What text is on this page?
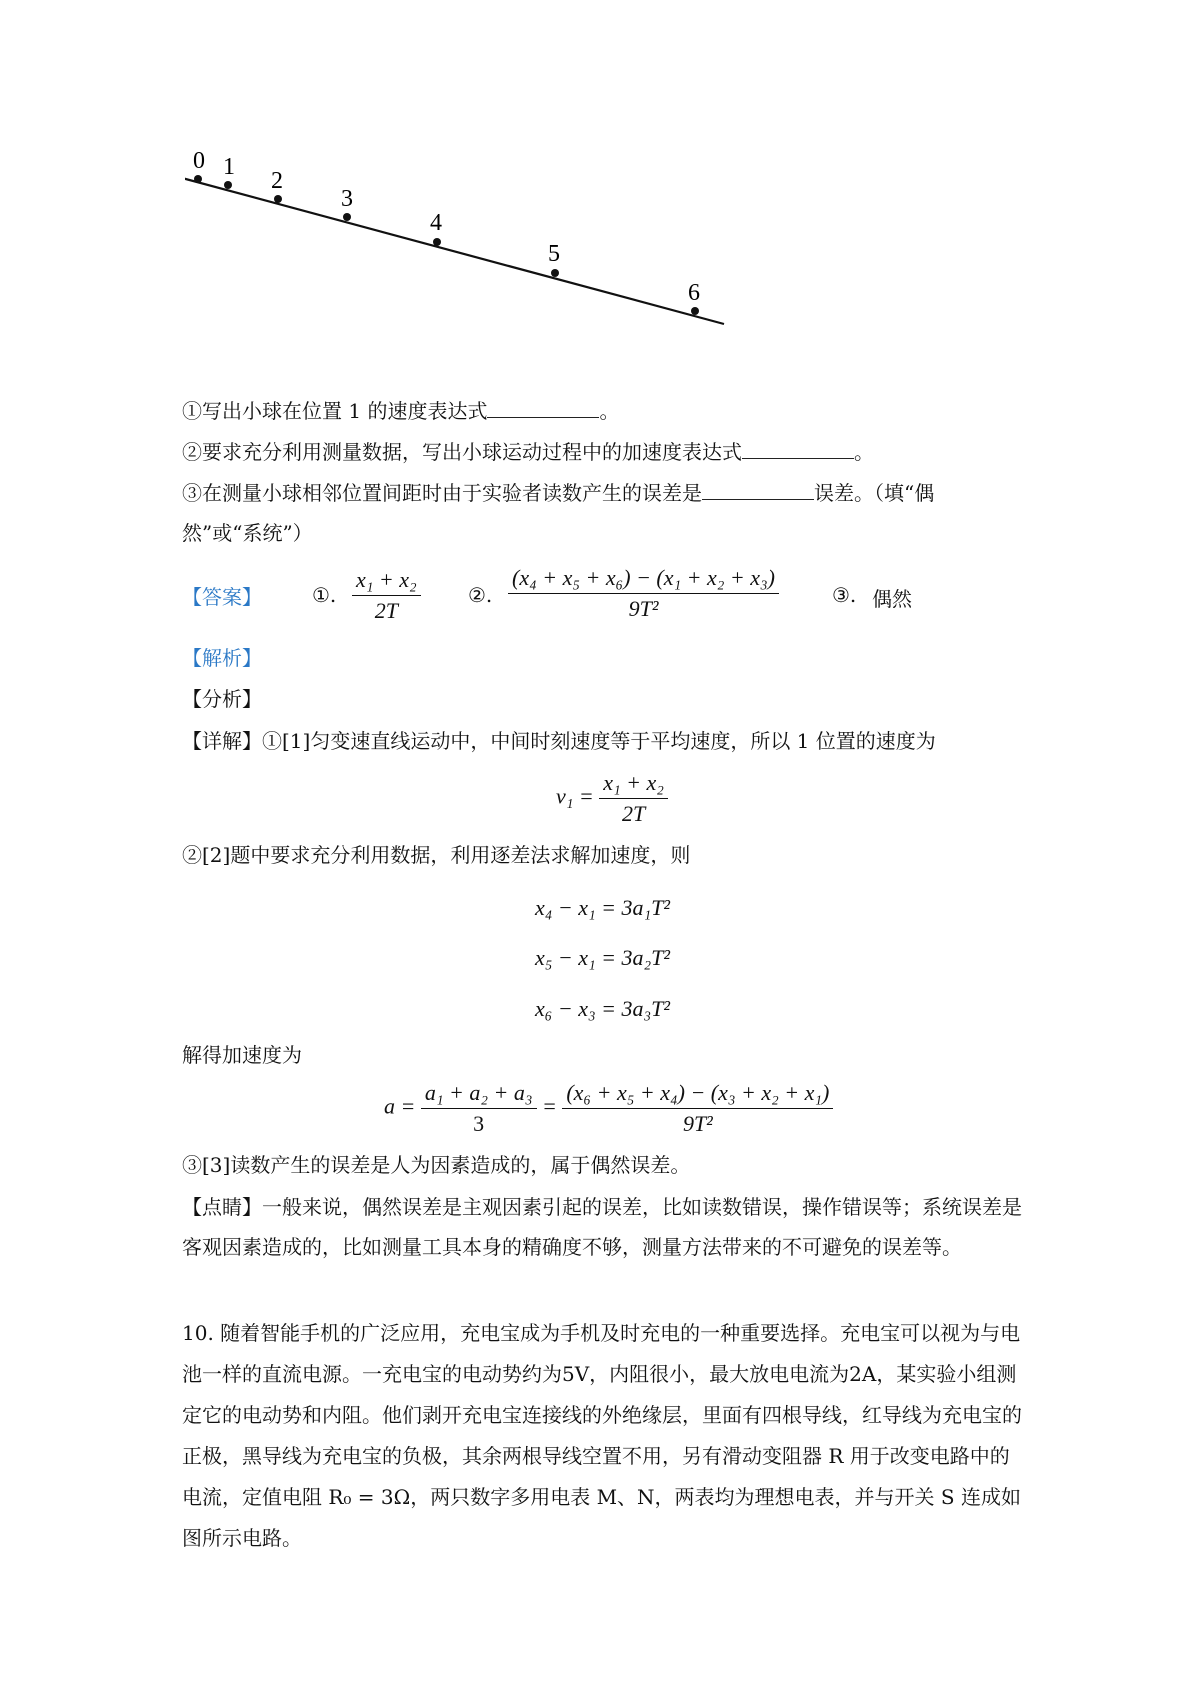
0 1
2
3
4
5
6
①写出小球在位置 1 的速度表达式	。
②要求充分利用测量数据，写出小球运动过程中的加速度表达式	。
③在测量小球相邻位置间距时由于实验者读数产生的误差是	误差。（填“偶
然”或“系统”）
【答案】	①. $\frac{\text{x₁ + x₂}}{2T}$ ②. $\frac{\text{(x₄ + x₅ + x₆) − (x₁ + x₂ + x₃)}}{\text{9T²}}$	③. 偶然
【解析】
【分析】
【详解】①[1]匀变速直线运动中，中间时刻速度等于平均速度，所以 1 位置的速度为
$v_1 = \frac{\text{x₁ + x₂}}{2T}$
②[2]题中要求充分利用数据，利用逐差法求解加速度，则
x₄ − x₁ = 3a₁T²
x₅ − x₁ = 3a₂T²
x₆ − x₃ = 3a₃T²
解得加速度为
$a = \frac{\text{a₁ + a₂ + a₃}}{3} = \frac{\text{(x₆ + x₅ + x₄) − (x₃ + x₂ + x₁)}}{\text{9T²}}$
③[3]读数产生的误差是人为因素造成的，属于偶然误差。
【点睛】一般来说，偶然误差是主观因素引起的误差，比如读数错误，操作错误等；系统误差是客观因素造成的，比如测量工具本身的精确度不够，测量方法带来的不可避免的误差等。
10. 随着智能手机的广泛应用，充电宝成为手机及时充电的一种重要选择。充电宝可以视为与电池一样的直流电源。一充电宝的电动势约为5V，内阻很小，最大放电电流为2A，某实验小组测定它的电动势和内阻。他们剥开充电宝连接线的外绝缘层，里面有四根导线，红导线为充电宝的正极，黑导线为充电宝的负极，其余两根导线空置不用，另有滑动变阻器 R 用于改变电路中的电流，定值电阻 R₀ = 3Ω，两只数字多用电表 M、N，两表均为理想电表，并与开关 S 连成如图所示电路。
